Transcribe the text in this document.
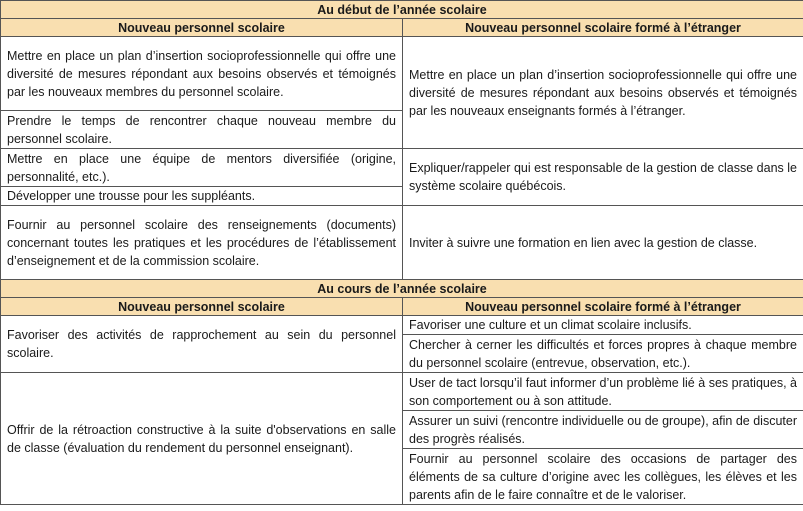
Au début de l’année scolaire	
Nouveau personnel scolaire	Nouveau personnel scolaire formé à l’étranger
Mettre en place un plan d’insertion socioprofessionnelle qui offre une diversité de mesures répondant aux besoins observés et témoignés par les nouveaux membres du personnel scolaire.	Mettre en place un plan d’insertion socioprofessionnelle qui offre une diversité de mesures répondant aux besoins observés et témoignés par les nouveaux enseignants formés à l’étranger.
Prendre le temps de rencontrer chaque nouveau membre du personnel scolaire.	
Mettre en place une équipe de mentors diversifiée (origine, personnalité, etc.).	Expliquer/rappeler qui est responsable de la gestion de classe dans le système scolaire québécois.
Développer une trousse pour les suppléants.	
Fournir au personnel scolaire des renseignements (documents) concernant toutes les pratiques et les procédures de l’établissement d’enseignement et de la commission scolaire.	Inviter à suivre une formation en lien avec la gestion de classe.
Au cours de l’année scolaire	
Nouveau personnel scolaire	Nouveau personnel scolaire formé à l’étranger
Favoriser des activités de rapprochement au sein du personnel scolaire.	Favoriser une culture et un climat scolaire inclusifs.
	Chercher à cerner les difficultés et forces propres à chaque membre du personnel scolaire (entrevue, observation, etc.).
Offrir de la rétroaction constructive à la suite d'observations en salle de classe (évaluation du rendement du personnel enseignant).	User de tact lorsqu’il faut informer d’un problème lié à ses pratiques, à son comportement ou à son attitude.
	Assurer un suivi (rencontre individuelle ou de groupe), afin de discuter des progrès réalisés.
	Fournir au personnel scolaire des occasions de partager des éléments de sa culture d’origine avec les collègues, les élèves et les parents afin de le faire connaître et de le valoriser.
